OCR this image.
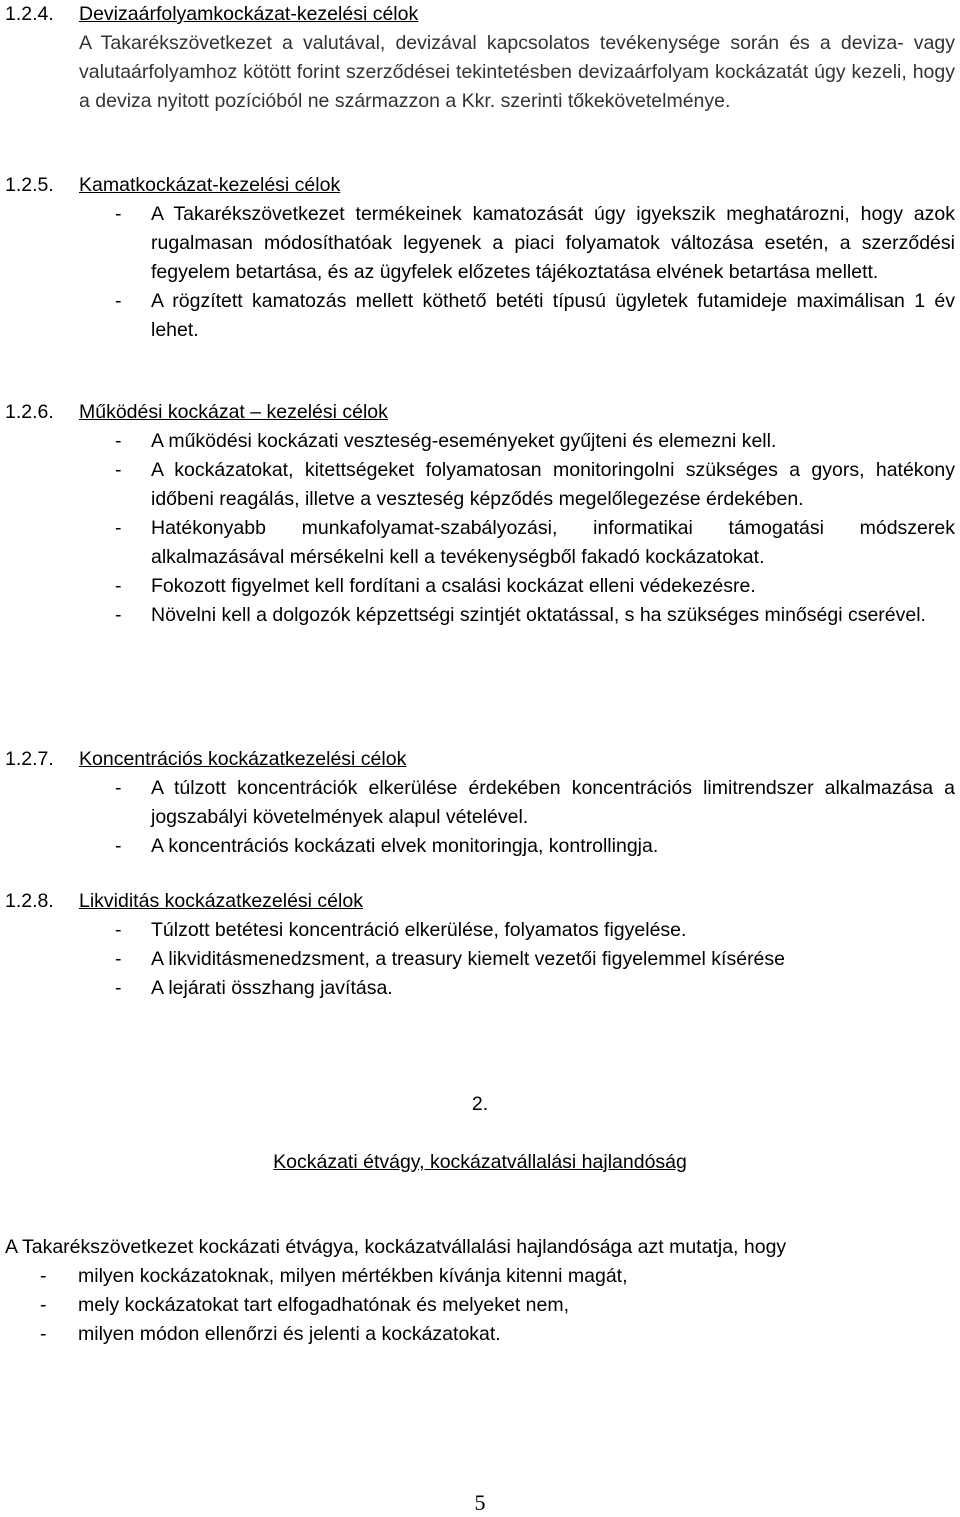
1.2.4.	Devizaárfolyamkockázat-kezelési célok
A Takarékszövetkezet a valutával, devizával kapcsolatos tevékenysége során és a deviza- vagy valutaárfolyamhoz kötött forint szerződései tekintetésben devizaárfolyam kockázatát úgy kezeli, hogy a deviza nyitott pozícióból ne származzon a Kkr. szerinti tőkekövetelménye.
1.2.5.	Kamatkockázat-kezelési célok
-	A Takarékszövetkezet termékeinek kamatozását úgy igyekszik meghatározni, hogy azok rugalmasan módosíthatóak legyenek a piaci folyamatok változása esetén, a szerződési fegyelem betartása, és az ügyfelek előzetes tájékoztatása elvének betartása mellett.
-	A rögzített kamatozás mellett köthető betéti típusú ügyletek futamideje maximálisan 1 év lehet.
1.2.6.	Működési kockázat – kezelési célok
-	A működési kockázati veszteség-eseményeket gyűjteni és elemezni kell.
-	A kockázatokat, kitettségeket folyamatosan monitoringolni szükséges a gyors, hatékony időbeni reagálás, illetve a veszteség képződés megelőlegezése érdekében.
-	Hatékonyabb munkafolyamat-szabályozási, informatikai támogatási módszerek alkalmazásával mérsékelni kell a tevékenységből fakadó kockázatokat.
-	Fokozott figyelmet kell fordítani a csalási kockázat elleni védekezésre.
-	Növelni kell a dolgozók képzettségi szintjét oktatással, s ha szükséges minőségi cserével.
1.2.7.	Koncentrációs kockázatkezelési célok
-	A túlzott koncentrációk elkerülése érdekében koncentrációs limitrendszer alkalmazása a jogszabályi követelmények alapul vételével.
-	A koncentrációs kockázati elvek monitoringja, kontrollingja.
1.2.8.	Likviditás kockázatkezelési célok
-	Túlzott betétesi koncentráció elkerülése, folyamatos figyelése.
-	A likviditásmenedzsment, a treasury kiemelt vezetői figyelemmel kísérése
-	A lejárati összhang javítása.
2.
Kockázati étvágy, kockázatvállalási hajlandóság
A Takarékszövetkezet kockázati étvágya, kockázatvállalási hajlandósága azt mutatja, hogy
-	milyen kockázatoknak, milyen mértékben kívánja kitenni magát,
-	mely kockázatokat tart elfogadhatónak és melyeket nem,
-	milyen módon ellenőrzi és jelenti a kockázatokat.
5
